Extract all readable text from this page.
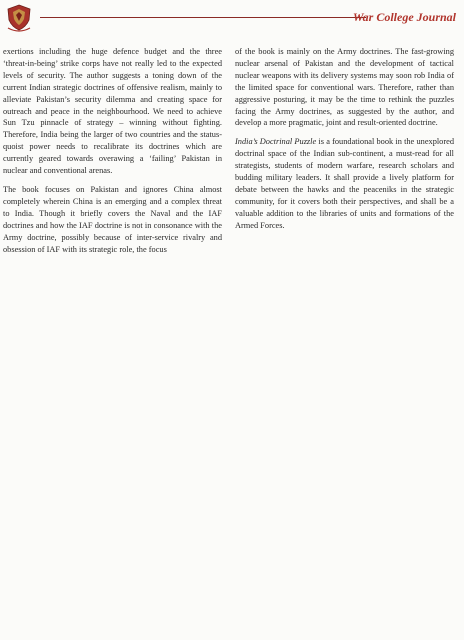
War College Journal

exertions including the huge defence budget and the three ‘threat-in-being’ strike corps have not really led to the expected levels of security. The author suggests a toning down of the current Indian strategic doctrines of offensive realism, mainly to alleviate Pakistan’s security dilemma and creating space for outreach and peace in the neighbourhood. We need to achieve Sun Tzu pinnacle of strategy – winning without fighting. Therefore, India being the larger of two countries and the status-quoist power needs to recalibrate its doctrines which are currently geared towards overawing a ‘failing’ Pakistan in nuclear and conventional arenas.

The book focuses on Pakistan and ignores China almost completely wherein China is an emerging and a complex threat to India. Though it briefly covers the Naval and the IAF doctrines and how the IAF doctrine is not in consonance with the Army doctrine, possibly because of inter-service rivalry and obsession of IAF with its strategic role, the focus

of the book is mainly on the Army doctrines. The fast-growing nuclear arsenal of Pakistan and the development of tactical nuclear weapons with its delivery systems may soon rob India of the limited space for conventional wars. Therefore, rather than aggressive posturing, it may be the time to rethink the puzzles facing the Army doctrines, as suggested by the author, and develop a more pragmatic, joint and result-oriented doctrine.

India’s Doctrinal Puzzle is a foundational book in the unexplored doctrinal space of the Indian sub-continent, a must-read for all strategists, students of modern warfare, research scholars and budding military leaders. It shall provide a lively platform for debate between the hawks and the peaceniks in the strategic community, for it covers both their perspectives, and shall be a valuable addition to the libraries of units and formations of the Armed Forces.
